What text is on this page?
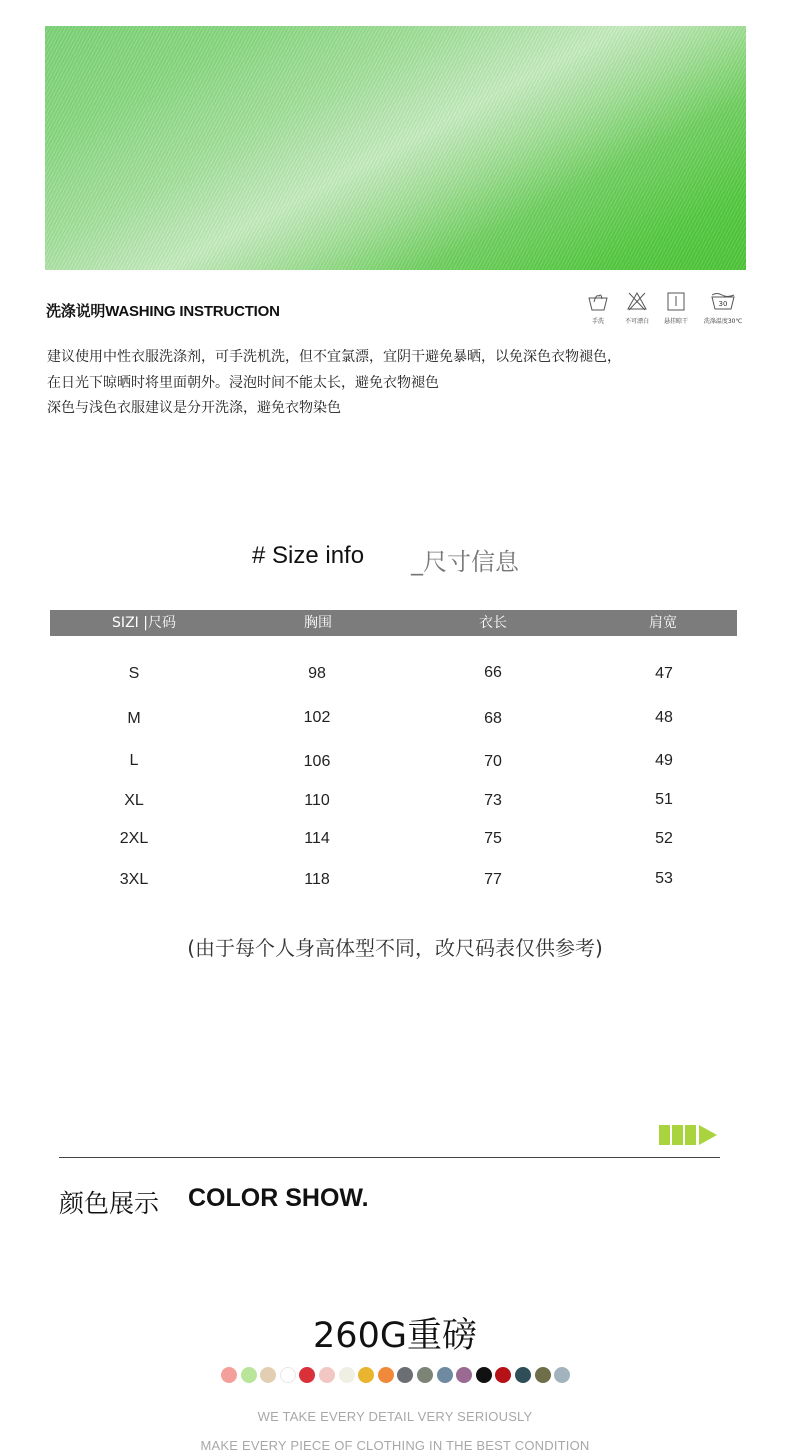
洗涤说明WASHING INSTRUCTION
手洗	不可漂白	悬挂晾干
30
洗涤温度30℃
建议使用中性衣服洗涤剂，可手洗机洗，但不宜氯漂，宜阴干避免暴晒，以免深色衣物褪色，
在日光下晾晒时将里面朝外。浸泡时间不能太长，避免衣物褪色
深色与浅色衣服建议是分开洗涤，避免衣物染色
# Size info _尺寸信息
SIZI |尺码	胸围	衣长	肩宽
S	98	66	47
M	102	68	48
L	106	70	49
XL	110	73	51
2XL	114	75	52
3XL	118	77	53
(由于每个人身高体型不同，改尺码表仅供参考)
颜色展示 COLOR SHOW.
260G重磅
WE TAKE EVERY DETAIL VERY SERIOUSLY
MAKE EVERY PIECE OF CLOTHING IN THE BEST CONDITION
